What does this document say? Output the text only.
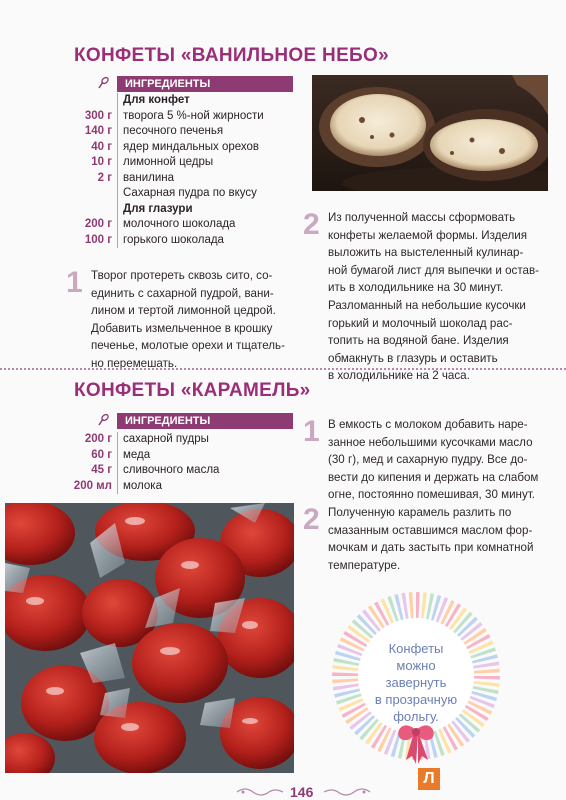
КОНФЕТЫ «ВАНИЛЬНОЕ НЕБО»
ИНГРЕДИЕНТЫ
Для конфет
300 г творога 5 %-ной жирности
140 г песочного печенья
40 г ядер миндальных орехов
10 г лимонной цедры
2 г ванилина
Сахарная пудра по вкусу
Для глазури
200 г молочного шоколада
100 г горького шоколада
1 Творог протереть сквозь сито, со-

единить с сахарной пудрой, вани-

лином и тертой лимонной цедрой.

Добавить измельченное в крошку

печенье, молотые орехи и тщатель-

но перемешать.

2 Из полученной массы сформовать

конфеты желаемой формы. Изделия

выложить на выстеленный кулинар-

ной бумагой лист для выпечки и остав-

ить в холодильнике на 30 минут.

Разломанный на небольшие кусочки

горький и молочный шоколад рас-

топить на водяной бане. Изделия

обмакнуть в глазурь и оставить

в холодильнике на 2 часа.

КОНФЕТЫ «КАРАМЕЛЬ»
ИНГРЕДИЕНТЫ
200 г сахарной пудры
60 г меда
45 г сливочного масла
200 мл молока
1 В емкость с молоком добавить наре-

занное небольшими кусочками масло

(30 г), мед и сахарную пудру. Все до-

вести до кипения и держать на слабом

огне, постоянно помешивая, 30 минут.

2 Полученную карамель разлить по

смазанным оставшимся маслом фор-

мочкам и дать застыть при комнатной

температуре.

Конфеты
можно
завернуть
в прозрачную
фольгу.
Л
146
